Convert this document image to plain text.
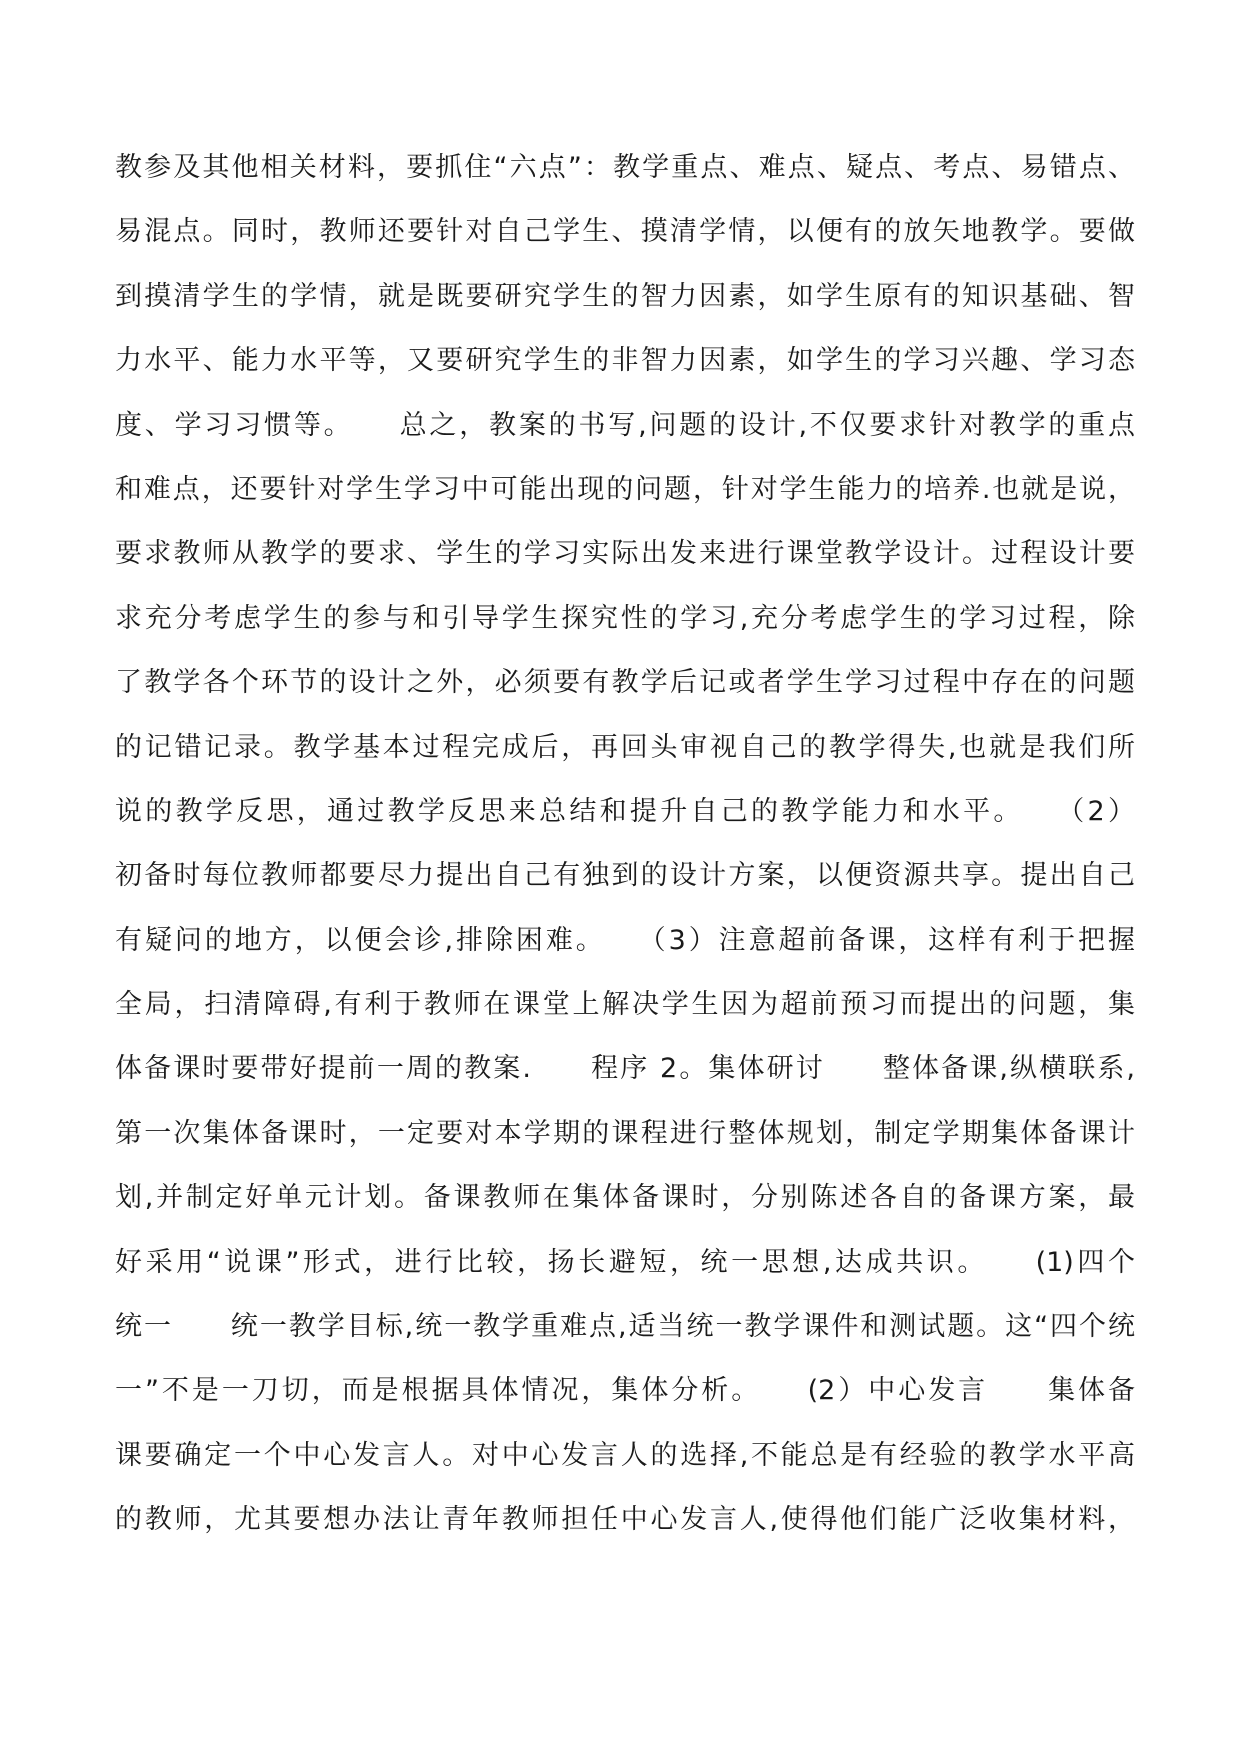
教参及其他相关材料，要抓住“六点”：教学重点、难点、疑点、考点、易错点、
易混点。同时，教师还要针对自己学生、摸清学情，以便有的放矢地教学。要做
到摸清学生的学情，就是既要研究学生的智力因素，如学生原有的知识基础、智
力水平、能力水平等，又要研究学生的非智力因素，如学生的学习兴趣、学习态
度、学习习惯等。　　总之，教案的书写,问题的设计,不仅要求针对教学的重点
和难点，还要针对学生学习中可能出现的问题，针对学生能力的培养.也就是说，
要求教师从教学的要求、学生的学习实际出发来进行课堂教学设计。过程设计要
求充分考虑学生的参与和引导学生探究性的学习,充分考虑学生的学习过程，除
了教学各个环节的设计之外，必须要有教学后记或者学生学习过程中存在的问题
的记错记录。教学基本过程完成后，再回头审视自己的教学得失,也就是我们所
说的教学反思，通过教学反思来总结和提升自己的教学能力和水平。　　（2）
初备时每位教师都要尽力提出自己有独到的设计方案，以便资源共享。提出自己
有疑问的地方，以便会诊,排除困难。　　（3）注意超前备课，这样有利于把握
全局，扫清障碍,有利于教师在课堂上解决学生因为超前预习而提出的问题，集
体备课时要带好提前一周的教案.　　程序 2。集体研讨　　整体备课,纵横联系,
第一次集体备课时，一定要对本学期的课程进行整体规划，制定学期集体备课计
划,并制定好单元计划。备课教师在集体备课时，分别陈述各自的备课方案，最
好采用“说课”形式，进行比较，扬长避短，统一思想,达成共识。　　(1)四个
统一　　统一教学目标,统一教学重难点,适当统一教学课件和测试题。这“四个统
一”不是一刀切，而是根据具体情况，集体分析。　　(2）中心发言　　集体备
课要确定一个中心发言人。对中心发言人的选择,不能总是有经验的教学水平高
的教师，尤其要想办法让青年教师担任中心发言人,使得他们能广泛收集材料，
